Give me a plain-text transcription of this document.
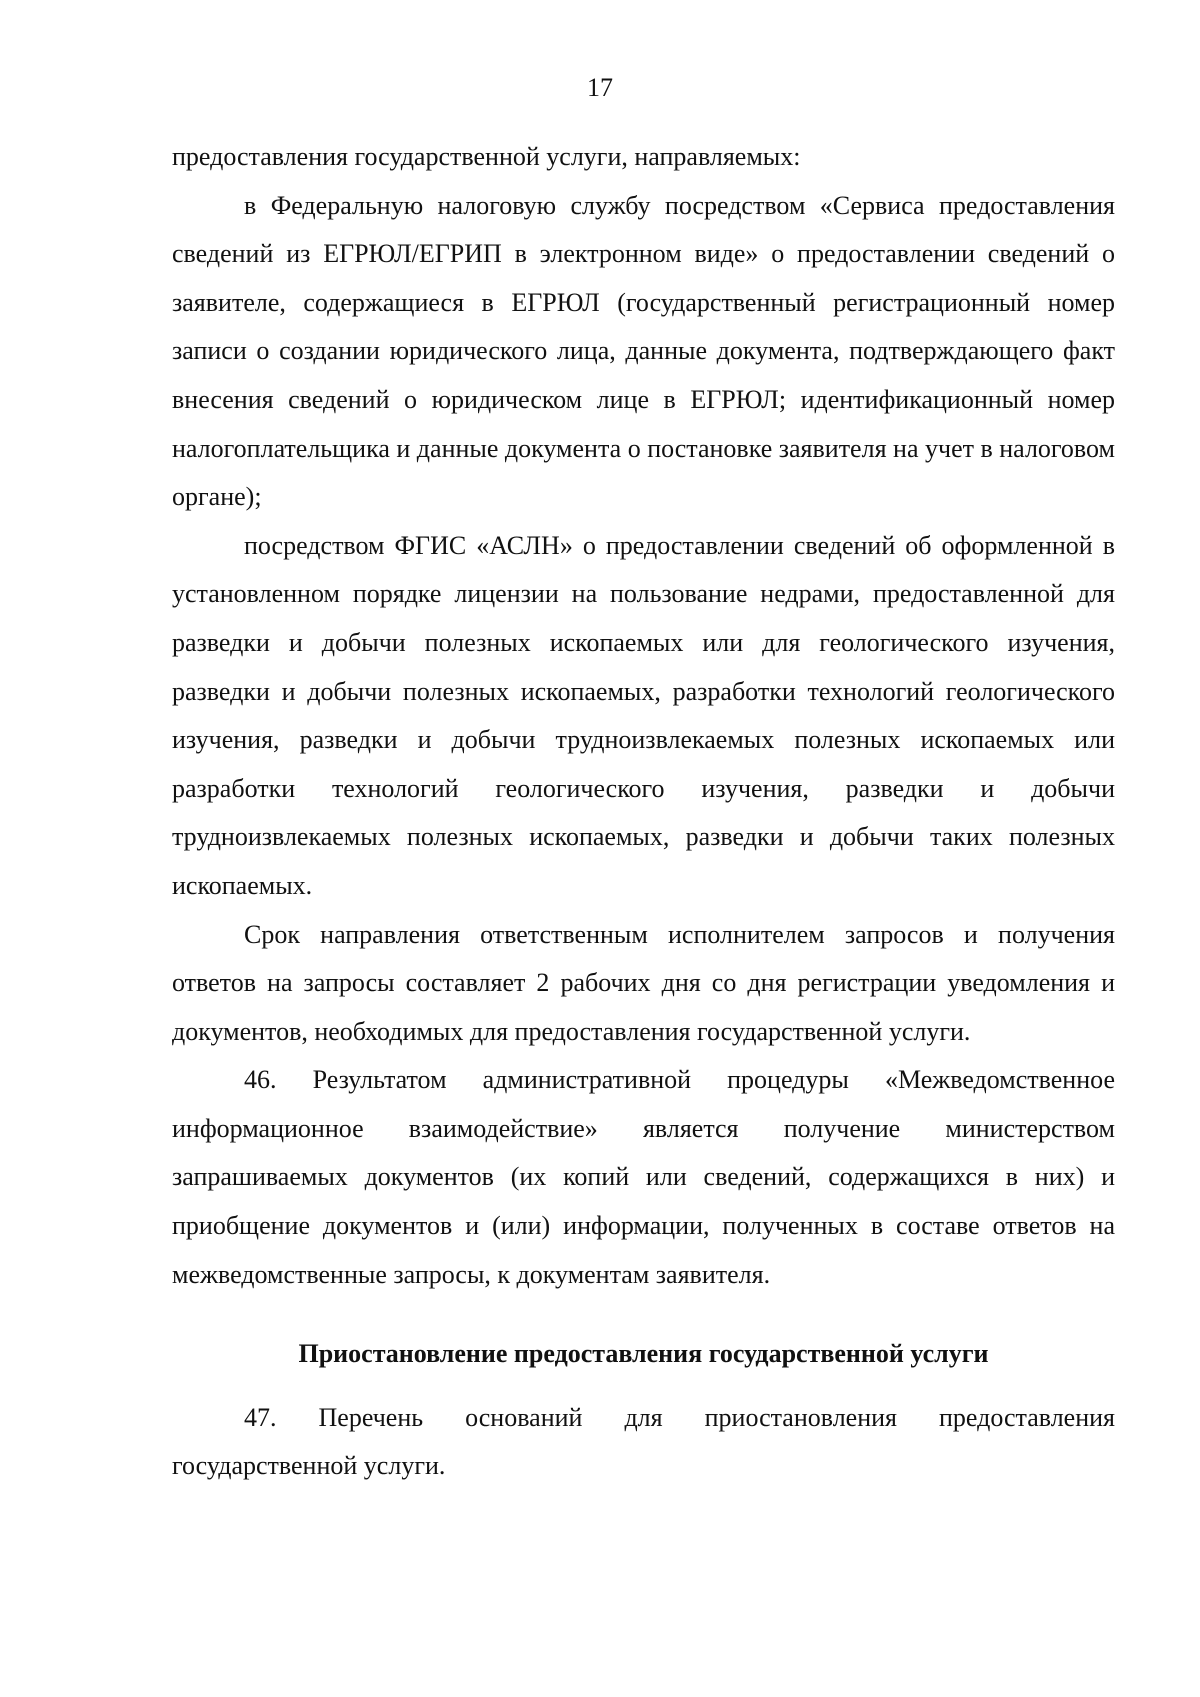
17

предоставления государственной услуги, направляемых:

в Федеральную налоговую службу посредством «Сервиса предоставления сведений из ЕГРЮЛ/ЕГРИП в электронном виде» о предоставлении сведений о заявителе, содержащиеся в ЕГРЮЛ (государственный регистрационный номер записи о создании юридического лица, данные документа, подтверждающего факт внесения сведений о юридическом лице в ЕГРЮЛ; идентификационный номер налогоплательщика и данные документа о постановке заявителя на учет в налоговом органе);

посредством ФГИС «АСЛН» о предоставлении сведений об оформленной в установленном порядке лицензии на пользование недрами, предоставленной для разведки и добычи полезных ископаемых или для геологического изучения, разведки и добычи полезных ископаемых, разработки технологий геологического изучения, разведки и добычи трудноизвлекаемых полезных ископаемых или разработки технологий геологического изучения, разведки и добычи трудноизвлекаемых полезных ископаемых, разведки и добычи таких полезных ископаемых.

Срок направления ответственным исполнителем запросов и получения ответов на запросы составляет 2 рабочих дня со дня регистрации уведомления и документов, необходимых для предоставления государственной услуги.

46. Результатом административной процедуры «Межведомственное информационное взаимодействие» является получение министерством запрашиваемых документов (их копий или сведений, содержащихся в них) и приобщение документов и (или) информации, полученных в составе ответов на межведомственные запросы, к документам заявителя.

Приостановление предоставления государственной услуги

47. Перечень оснований для приостановления предоставления государственной услуги.
